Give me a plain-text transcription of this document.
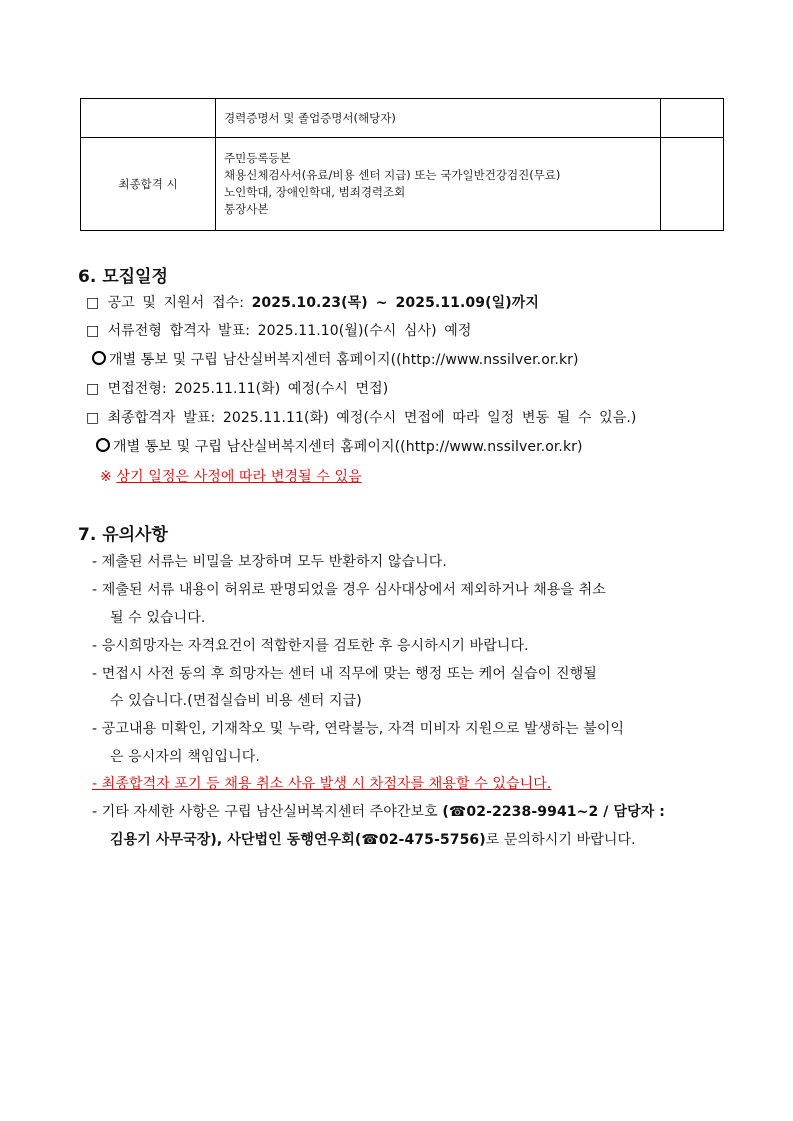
	경력증명서 및 졸업증명서(해당자)	
최종합격 시	주민등록등본
채용신체검사서(유료/비용 센터 지급) 또는 국가일반건강검진(무료)
노인학대, 장애인학대, 범죄경력조회
통장사본	

6. 모집일정
□ 공고 및 지원서 접수: 2025.10.23(목) ~ 2025.11.09(일)까지
□ 서류전형 합격자 발표: 2025.11.10(월)(수시 심사) 예정
개별 통보 및 구립 남산실버복지센터 홈페이지((http://www.nssilver.or.kr)
□ 면접전형: 2025.11.11(화) 예정(수시 면접)
□ 최종합격자 발표: 2025.11.11(화) 예정(수시 면접에 따라 일정 변동 될 수 있음.)
개별 통보 및 구립 남산실버복지센터 홈페이지((http://www.nssilver.or.kr)
※ 상기 일정은 사정에 따라 변경될 수 있음
7. 유의사항
- 제출된 서류는 비밀을 보장하며 모두 반환하지 않습니다.
- 제출된 서류 내용이 허위로 판명되었을 경우 심사대상에서 제외하거나 채용을 취소
될 수 있습니다.
- 응시희망자는 자격요건이 적합한지를 검토한 후 응시하시기 바랍니다.
- 면접시 사전 동의 후 희망자는 센터 내 직무에 맞는 행정 또는 케어 실습이 진행될
수 있습니다.(면접실습비 비용 센터 지급)
- 공고내용 미확인, 기재착오 및 누락, 연락불능, 자격 미비자 지원으로 발생하는 불이익
은 응시자의 책임입니다.
- 최종합격자 포기 등 채용 취소 사유 발생 시 차점자를 채용할 수 있습니다.
- 기타 자세한 사항은 구립 남산실버복지센터 주야간보호 (☎02-2238-9941~2 / 담당자 :
김용기 사무국장), 사단법인 동행연우회(☎02-475-5756)로 문의하시기 바랍니다.
